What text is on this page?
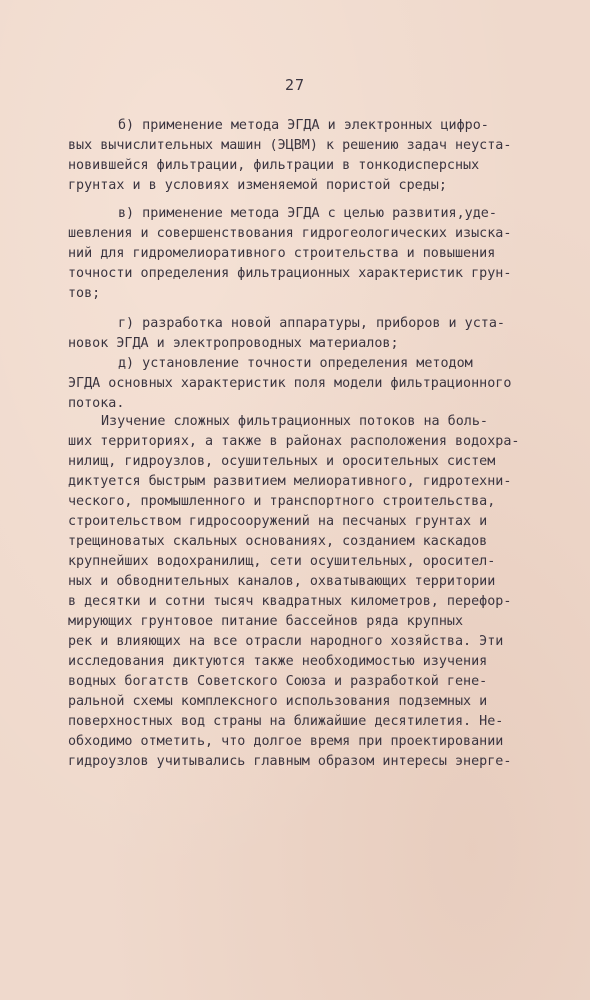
27
б) применение метода ЭГДА и электронных цифро-
вых вычислительных машин (ЭЦВМ) к решению задач неуста-
новившейся фильтрации, фильтрации в тонкодисперсных
грунтах и в условиях изменяемой пористой среды;
в) применение метода ЭГДА с целью развития,уде-
шевления и совершенствования гидрогеологических изыска-
ний для гидромелиоративного строительства и повышения
точности определения фильтрационных характеристик грун-
тов;
г) разработка новой аппаратуры, приборов и уста-
новок ЭГДА и электропроводных материалов;
д) установление точности определения методом
ЭГДА основных характеристик поля модели фильтрационного
потока.
Изучение сложных фильтрационных потоков на боль-
ших территориях, а также в районах расположения водохра-
нилищ, гидроузлов, осушительных и оросительных систем
диктуется быстрым развитием мелиоративного, гидротехни-
ческого, промышленного и транспортного строительства,
строительством гидросооружений на песчаных грунтах и
трещиноватых скальных основаниях, созданием каскадов
крупнейших водохранилищ, сети осушительных, оросител-
ных и обводнительных каналов, охватывающих территории
в десятки и сотни тысяч квадратных километров, перефор-
мирующих грунтовое питание бассейнов ряда крупных
рек и влияющих на все отрасли народного хозяйства. Эти
исследования диктуются также необходимостью изучения
водных богатств Советского Союза и разработкой гене-
ральной схемы комплексного использования подземных и
поверхностных вод страны на ближайшие десятилетия. Не-
обходимо отметить, что долгое время при проектировании
гидроузлов учитывались главным образом интересы энерге-
